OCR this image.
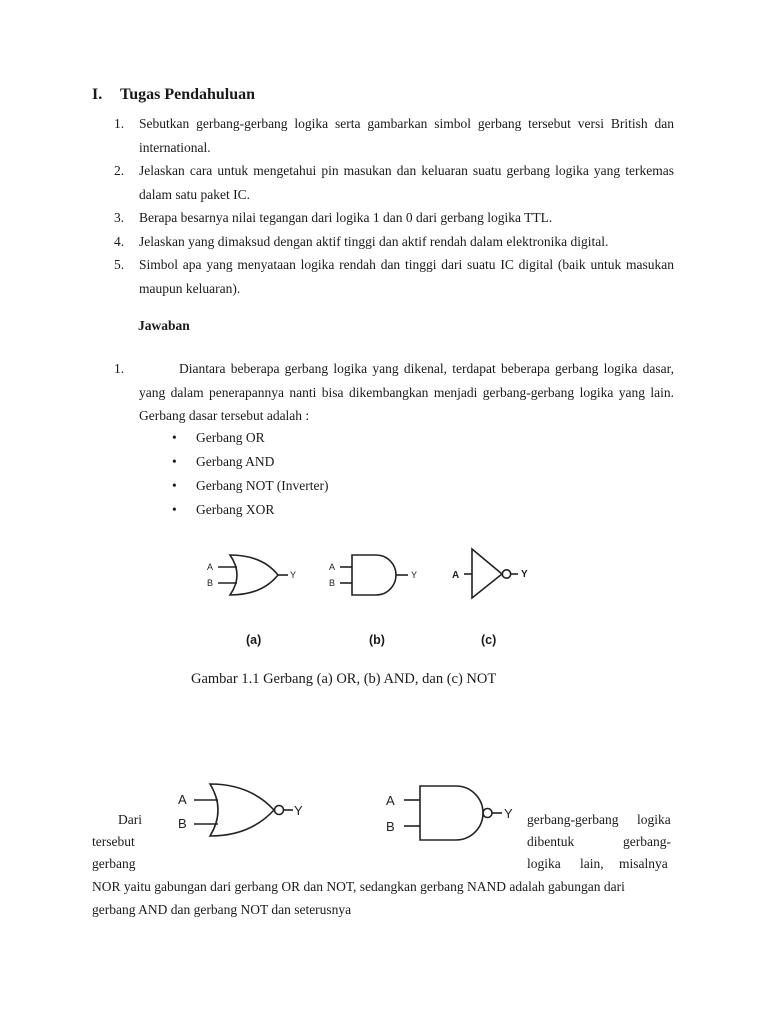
I. Tugas Pendahuluan
1.	Sebutkan gerbang-gerbang logika serta gambarkan simbol gerbang tersebut versi British dan international.
2.	Jelaskan cara untuk mengetahui pin masukan dan keluaran suatu gerbang logika yang terkemas dalam satu paket IC.
3.	Berapa besarnya nilai tegangan dari logika 1 dan 0 dari gerbang logika TTL.
4.	Jelaskan yang dimaksud dengan aktif tinggi dan aktif rendah dalam elektronika digital.
5.	Simbol apa yang menyataan logika rendah dan tinggi dari suatu IC digital (baik untuk masukan maupun keluaran).
Jawaban
1.	Diantara beberapa gerbang logika yang dikenal, terdapat beberapa gerbang logika dasar, yang dalam penerapannya nanti bisa dikembangkan menjadi gerbang-gerbang logika yang lain. Gerbang dasar tersebut adalah :
• Gerbang OR
• Gerbang AND
• Gerbang NOT (Inverter)
• Gerbang XOR
A
B
Y
A
B
Y	A	Y
(a)	(b)	(c)
Gambar 1.1 Gerbang (a) OR, (b) AND, dan (c) NOT
A
B
Y
A
B
Y
Dari	gerbang-gerbang logika
tersebut	dibentuk	gerbang-
gerbang	logika lain, misalnya
NOR yaitu gabungan dari gerbang OR dan NOT, sedangkan gerbang NAND adalah gabungan dari
gerbang AND dan gerbang NOT dan seterusnya
